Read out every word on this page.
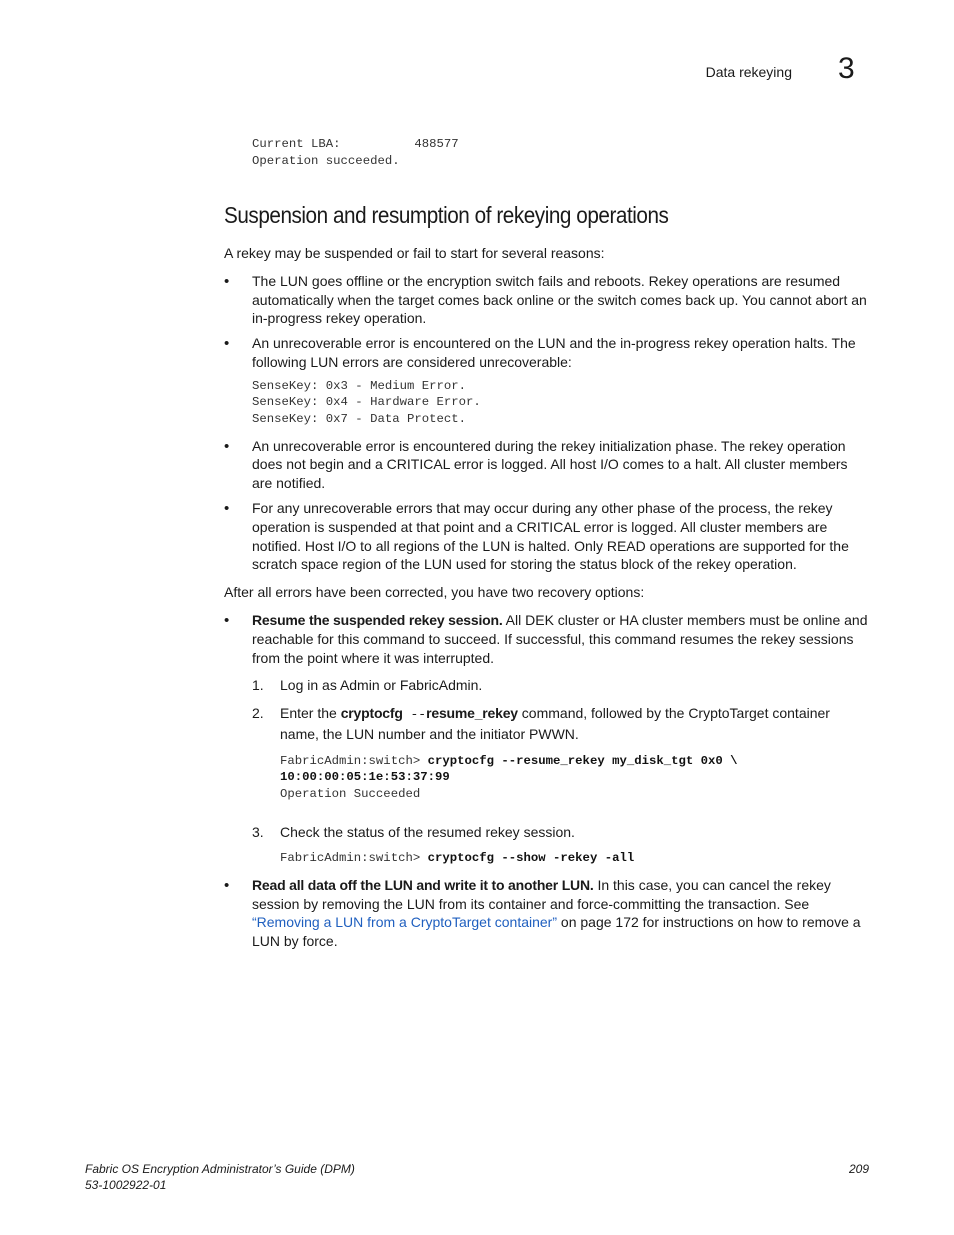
Data rekeying 3
Current LBA:          488577
Operation succeeded.
Suspension and resumption of rekeying operations

A rekey may be suspended or fail to start for several reasons:

•
The LUN goes offline or the encryption switch fails and reboots. Rekey operations are resumed automatically when the target comes back online or the switch comes back up. You cannot abort an in-progress rekey operation.
•
An unrecoverable error is encountered on the LUN and the in-progress rekey operation halts. The following LUN errors are considered unrecoverable:
SenseKey: 0x3 - Medium Error.
SenseKey: 0x4 - Hardware Error.
SenseKey: 0x7 - Data Protect.
•
An unrecoverable error is encountered during the rekey initialization phase. The rekey operation does not begin and a CRITICAL error is logged. All host I/O comes to a halt. All cluster members are notified.
•
For any unrecoverable errors that may occur during any other phase of the process, the rekey operation is suspended at that point and a CRITICAL error is logged. All cluster members are notified. Host I/O to all regions of the LUN is halted. Only READ operations are supported for the scratch space region of the LUN used for storing the status block of the rekey operation.

After all errors have been corrected, you have two recovery options:

•
Resume the suspended rekey session. All DEK cluster or HA cluster members must be online and reachable for this command to succeed. If successful, this command resumes the rekey sessions from the point where it was interrupted.
1. Log in as Admin or FabricAdmin.
2. Enter the cryptocfg --resume_rekey command, followed by the CryptoTarget container name, the LUN number and the initiator PWWN.
FabricAdmin:switch> cryptocfg --resume_rekey my_disk_tgt 0x0 \
10:00:00:05:1e:53:37:99
Operation Succeeded
3. Check the status of the resumed rekey session.
FabricAdmin:switch> cryptocfg --show -rekey -all
•
Read all data off the LUN and write it to another LUN. In this case, you can cancel the rekey session by removing the LUN from its container and force-committing the transaction. See “Removing a LUN from a CryptoTarget container” on page 172 for instructions on how to remove a LUN by force.
Fabric OS Encryption Administrator’s Guide (DPM)
53-1002922-01
209
